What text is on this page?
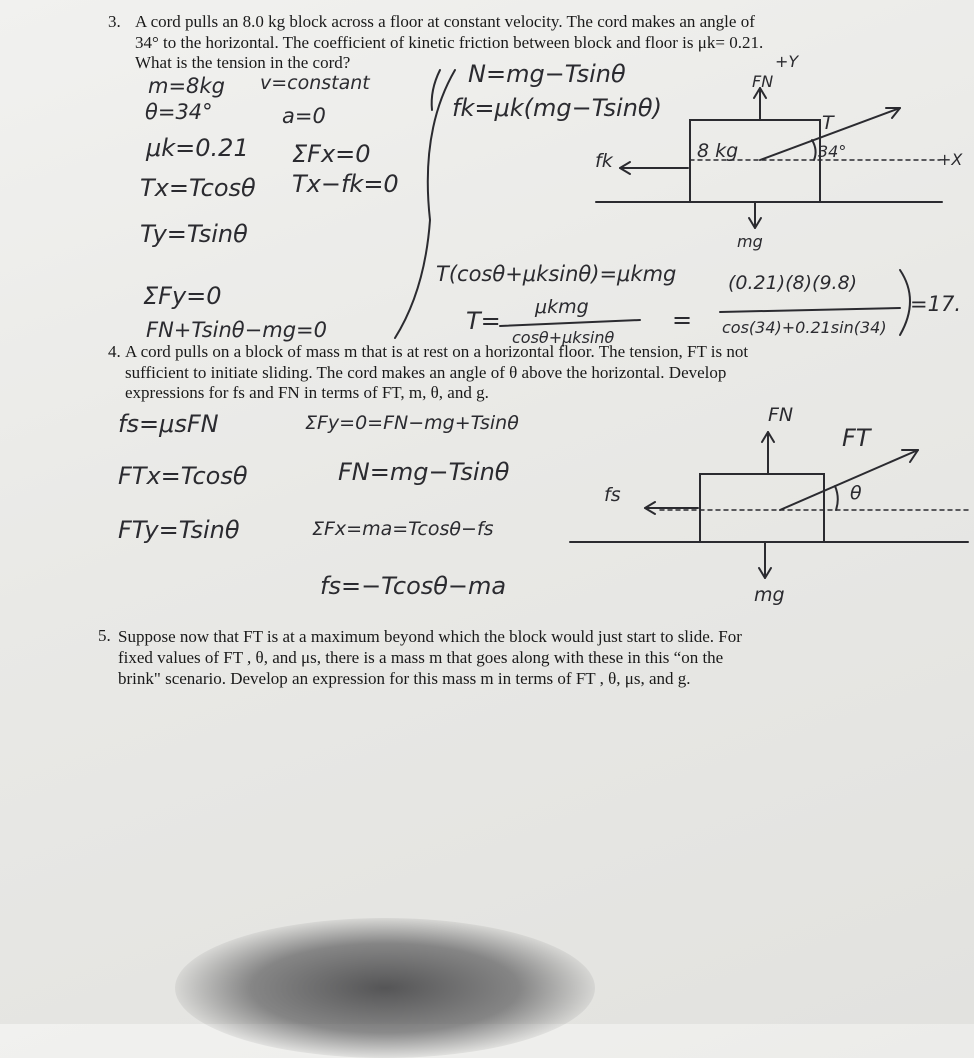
3. A cord pulls an 8.0 kg block across a floor at constant velocity. The cord makes an angle of
34° to the horizontal. The coefficient of kinetic friction between block and floor is μk= 0.21.
What is the tension in the cord?
m=8kg v=constant
θ=34°	a=0
μk=0.21 ΣFx=0
Tx=Tcosθ Tx−fk=0
Ty=Tsinθ
ΣFy=0
FN+Tsinθ−mg=0
N=mg−Tsinθ
fk=μk(mg−Tsinθ)
T(cosθ+μksinθ)=μkmg
T= μkmg
cosθ+μksinθ
=
(0.21)(8)(9.8)
cos(34)+0.21sin(34)
=17.
8 kg	34°
T
fk
FN
+Y
+X
mg
4. A cord pulls on a block of mass m that is at rest on a horizontal floor. The tension, FT is not
sufficient to initiate sliding. The cord makes an angle of θ above the horizontal. Develop
expressions for fs and FN in terms of FT, m, θ, and g.
fs=μsFN	ΣFy=0=FN−mg+Tsinθ
FTx=Tcosθ	FN=mg−Tsinθ
FTy=Tsinθ	ΣFx=ma=Tcosθ−fs
fs=−Tcosθ−ma
FN
FT
θ
fs
mg
5. Suppose now that FT is at a maximum beyond which the block would just start to slide. For
fixed values of FT , θ, and μs, there is a mass m that goes along with these in this “on the
brink" scenario. Develop an expression for this mass m in terms of FT , θ, μs, and g.
